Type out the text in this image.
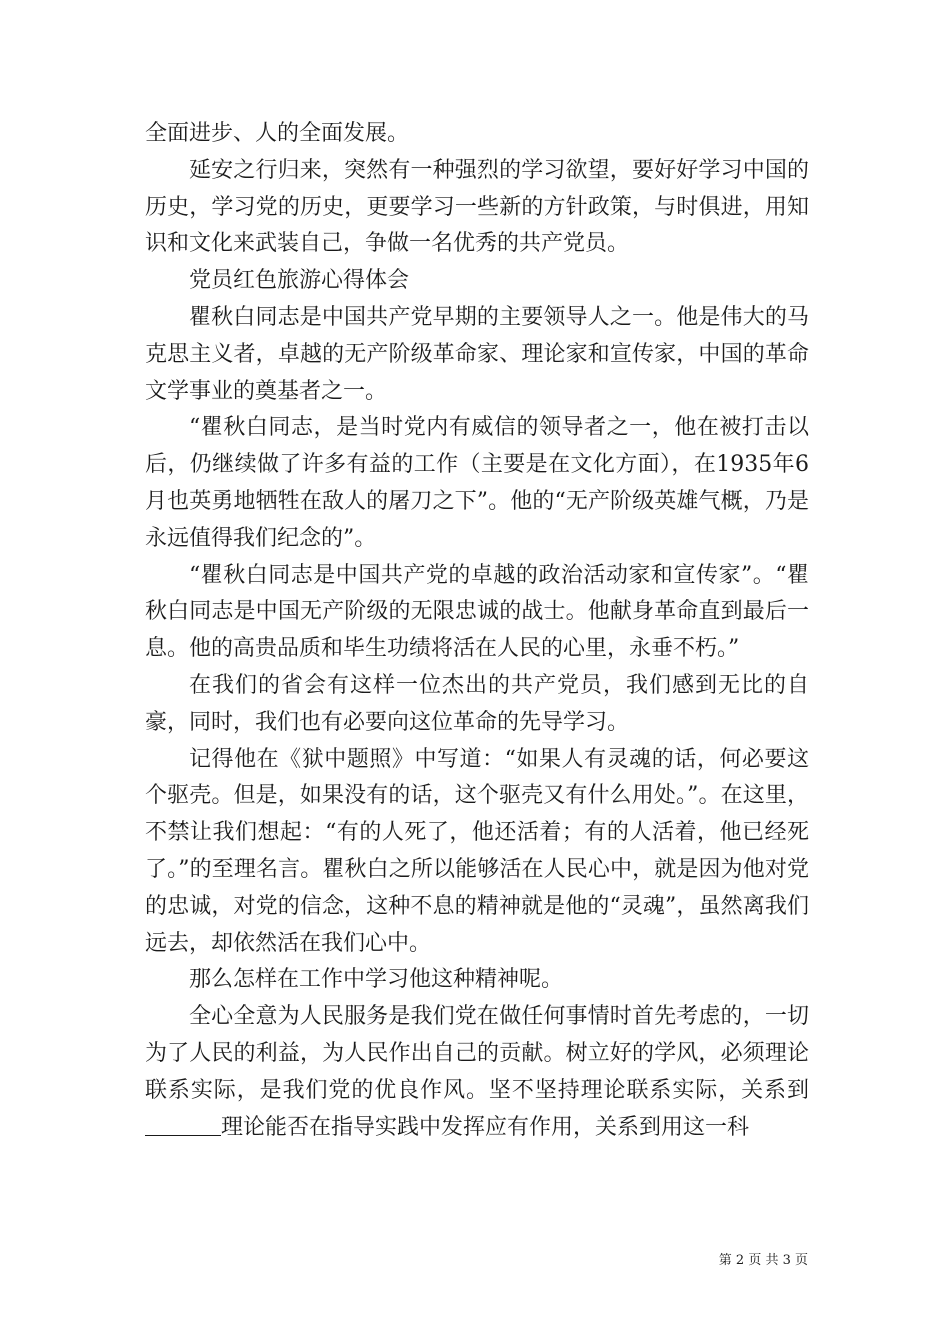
全面进步、人的全面发展。

延安之行归来，突然有一种强烈的学习欲望，要好好学习中国的历史，学习党的历史，更要学习一些新的方针政策，与时俱进，用知识和文化来武装自己，争做一名优秀的共产党员。

党员红色旅游心得体会

瞿秋白同志是中国共产党早期的主要领导人之一。他是伟大的马克思主义者，卓越的无产阶级革命家、理论家和宣传家，中国的革命文学事业的奠基者之一。

“瞿秋白同志，是当时党内有威信的领导者之一，他在被打击以后，仍继续做了许多有益的工作（主要是在文化方面），在1935年6月也英勇地牺牲在敌人的屠刀之下”。他的“无产阶级英雄气概，乃是永远值得我们纪念的”。

“瞿秋白同志是中国共产党的卓越的政治活动家和宣传家”。“瞿秋白同志是中国无产阶级的无限忠诚的战士。他献身革命直到最后一息。他的高贵品质和毕生功绩将活在人民的心里，永垂不朽。”

在我们的省会有这样一位杰出的共产党员，我们感到无比的自豪，同时，我们也有必要向这位革命的先导学习。

记得他在《狱中题照》中写道：“如果人有灵魂的话，何必要这个驱壳。但是，如果没有的话，这个驱壳又有什么用处。”。在这里，不禁让我们想起：“有的人死了，他还活着；有的人活着，他已经死了。”的至理名言。瞿秋白之所以能够活在人民心中，就是因为他对党的忠诚，对党的信念，这种不息的精神就是他的“灵魂”，虽然离我们远去，却依然活在我们心中。

那么怎样在工作中学习他这种精神呢。

全心全意为人民服务是我们党在做任何事情时首先考虑的，一切为了人民的利益，为人民作出自己的贡献。树立好的学风，必须理论联系实际，是我们党的优良作风。坚不坚持理论联系实际，关系到理论能否在指导实践中发挥应有作用，关系到用这一科

第 2 页 共 3 页
